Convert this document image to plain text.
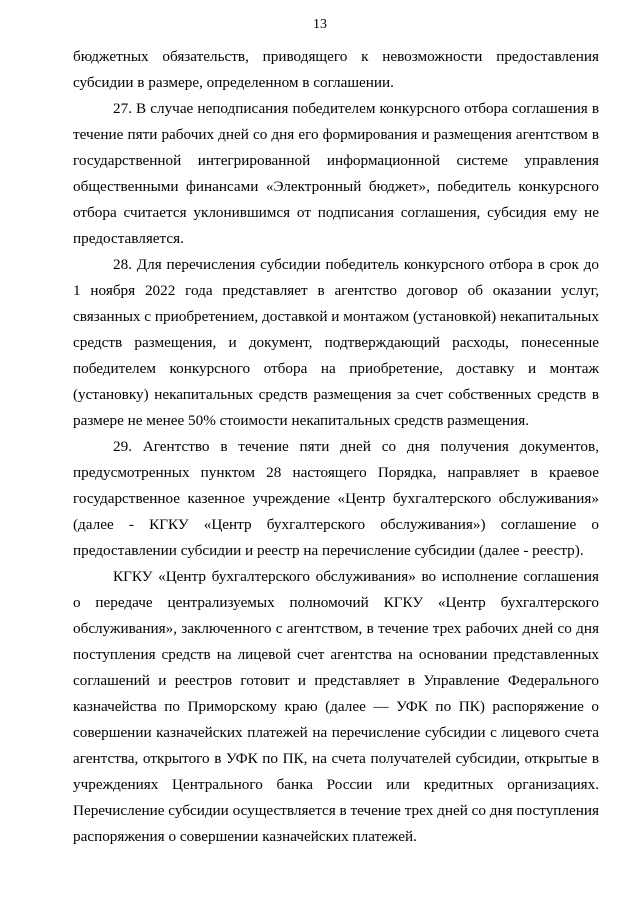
13

бюджетных обязательств, приводящего к невозможности предоставления субсидии в размере, определенном в соглашении.

27. В случае неподписания победителем конкурсного отбора соглашения в течение пяти рабочих дней со дня его формирования и размещения агентством в государственной интегрированной информационной системе управления общественными финансами «Электронный бюджет», победитель конкурсного отбора считается уклонившимся от подписания соглашения, субсидия ему не предоставляется.

28. Для перечисления субсидии победитель конкурсного отбора в срок до 1 ноября 2022 года представляет в агентство договор об оказании услуг, связанных с приобретением, доставкой и монтажом (установкой) некапитальных средств размещения, и документ, подтверждающий расходы, понесенные победителем конкурсного отбора на приобретение, доставку и монтаж (установку) некапитальных средств размещения за счет собственных средств в размере не менее 50% стоимости некапитальных средств размещения.

29. Агентство в течение пяти дней со дня получения документов, предусмотренных пунктом 28 настоящего Порядка, направляет в краевое государственное казенное учреждение «Центр бухгалтерского обслуживания» (далее - КГКУ «Центр бухгалтерского обслуживания») соглашение о предоставлении субсидии и реестр на перечисление субсидии (далее - реестр).

КГКУ «Центр бухгалтерского обслуживания» во исполнение соглашения о передаче централизуемых полномочий КГКУ «Центр бухгалтерского обслуживания», заключенного с агентством, в течение трех рабочих дней со дня поступления средств на лицевой счет агентства на основании представленных соглашений и реестров готовит и представляет в Управление Федерального казначейства по Приморскому краю (далее — УФК по ПК) распоряжение о совершении казначейских платежей на перечисление субсидии с лицевого счета агентства, открытого в УФК по ПК, на счета получателей субсидии, открытые в учреждениях Центрального банка России или кредитных организациях. Перечисление субсидии осуществляется в течение трех дней со дня поступления распоряжения о совершении казначейских платежей.
